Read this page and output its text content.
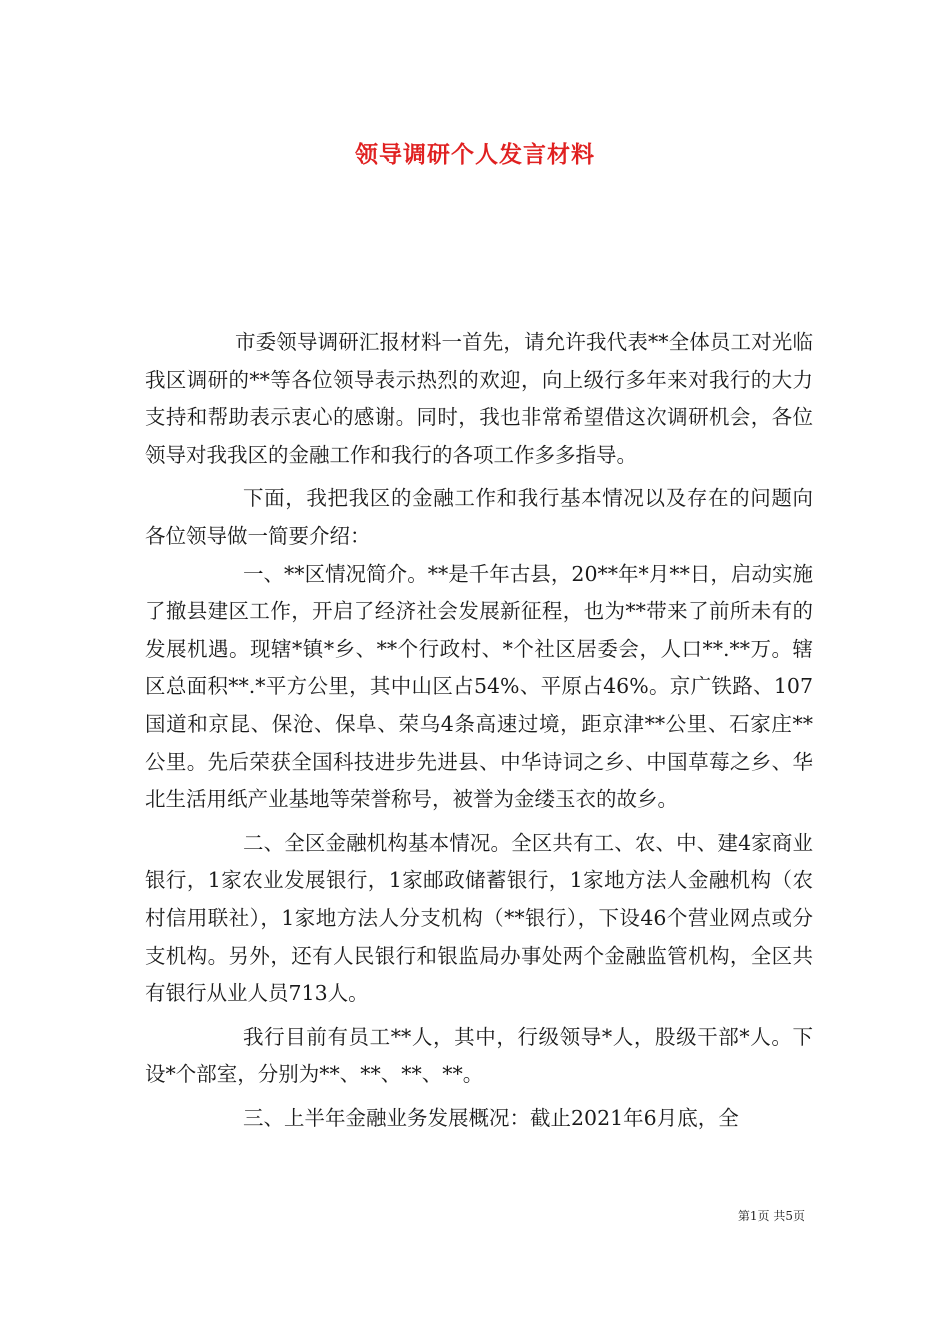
领导调研个人发言材料

市委领导调研汇报材料一首先，请允许我代表**全体员工对光临我区调研的**等各位领导表示热烈的欢迎，向上级行多年来对我行的大力支持和帮助表示衷心的感谢。同时，我也非常希望借这次调研机会，各位领导对我我区的金融工作和我行的各项工作多多指导。

下面，我把我区的金融工作和我行基本情况以及存在的问题向各位领导做一简要介绍：

一、**区情况简介。**是千年古县，20**年*月**日，启动实施了撤县建区工作，开启了经济社会发展新征程，也为**带来了前所未有的发展机遇。现辖*镇*乡、**个行政村、*个社区居委会，人口**.**万。辖区总面积**.*平方公里，其中山区占54%、平原占46%。京广铁路、107国道和京昆、保沧、保阜、荣乌4条高速过境，距京津**公里、石家庄**公里。先后荣获全国科技进步先进县、中华诗词之乡、中国草莓之乡、华北生活用纸产业基地等荣誉称号，被誉为金缕玉衣的故乡。

二、全区金融机构基本情况。全区共有工、农、中、建4家商业银行，1家农业发展银行，1家邮政储蓄银行，1家地方法人金融机构（农村信用联社），1家地方法人分支机构（**银行），下设46个营业网点或分支机构。另外，还有人民银行和银监局办事处两个金融监管机构，全区共有银行从业人员713人。

我行目前有员工**人，其中，行级领导*人，股级干部*人。下设*个部室，分别为**、**、**、**。

三、上半年金融业务发展概况：截止2021年6月底，全

第1页 共5页
